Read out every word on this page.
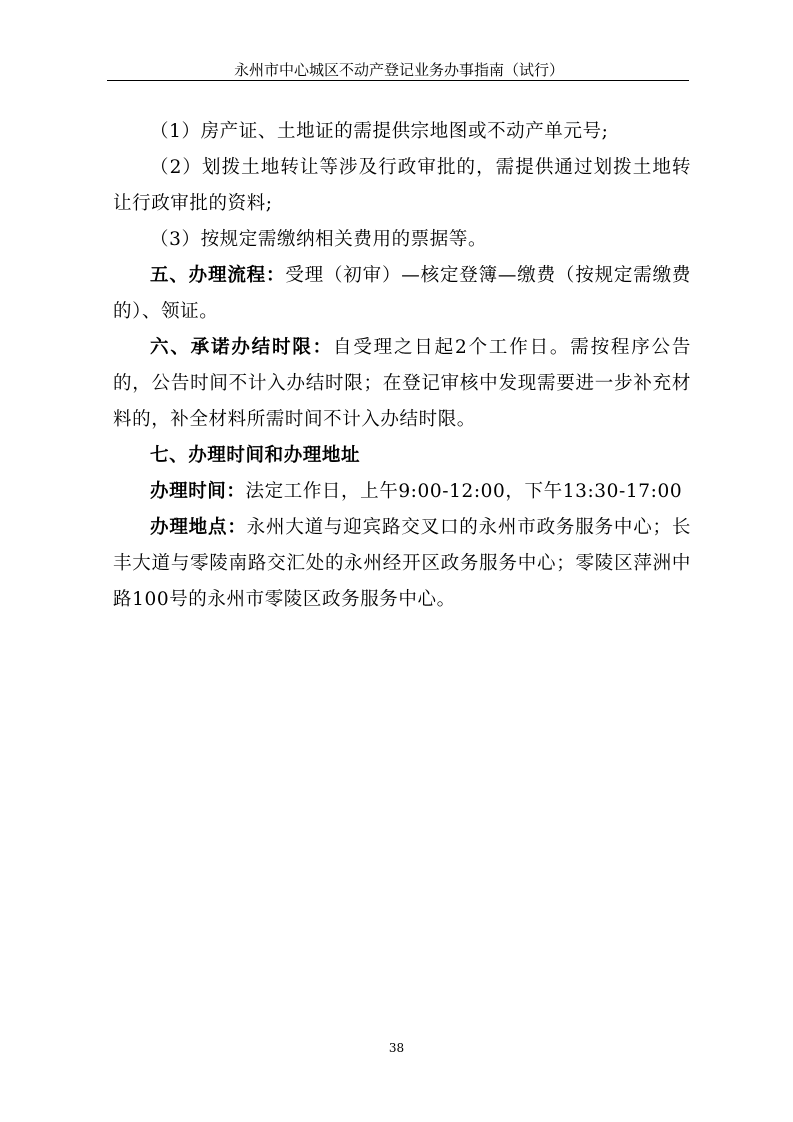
永州市中心城区不动产登记业务办事指南（试行）

（1）房产证、土地证的需提供宗地图或不动产单元号;

（2）划拨土地转让等涉及行政审批的，需提供通过划拨土地转让行政审批的资料;

（3）按规定需缴纳相关费用的票据等。

五、办理流程：受理（初审）—核定登簿—缴费（按规定需缴费的）、领证。

六、承诺办结时限：自受理之日起2个工作日。需按程序公告的，公告时间不计入办结时限；在登记审核中发现需要进一步补充材料的，补全材料所需时间不计入办结时限。

七、办理时间和办理地址

办理时间：法定工作日，上午9:00-12:00，下午13:30-17:00

办理地点：永州大道与迎宾路交叉口的永州市政务服务中心；长丰大道与零陵南路交汇处的永州经开区政务服务中心；零陵区萍洲中路100号的永州市零陵区政务服务中心。

38
